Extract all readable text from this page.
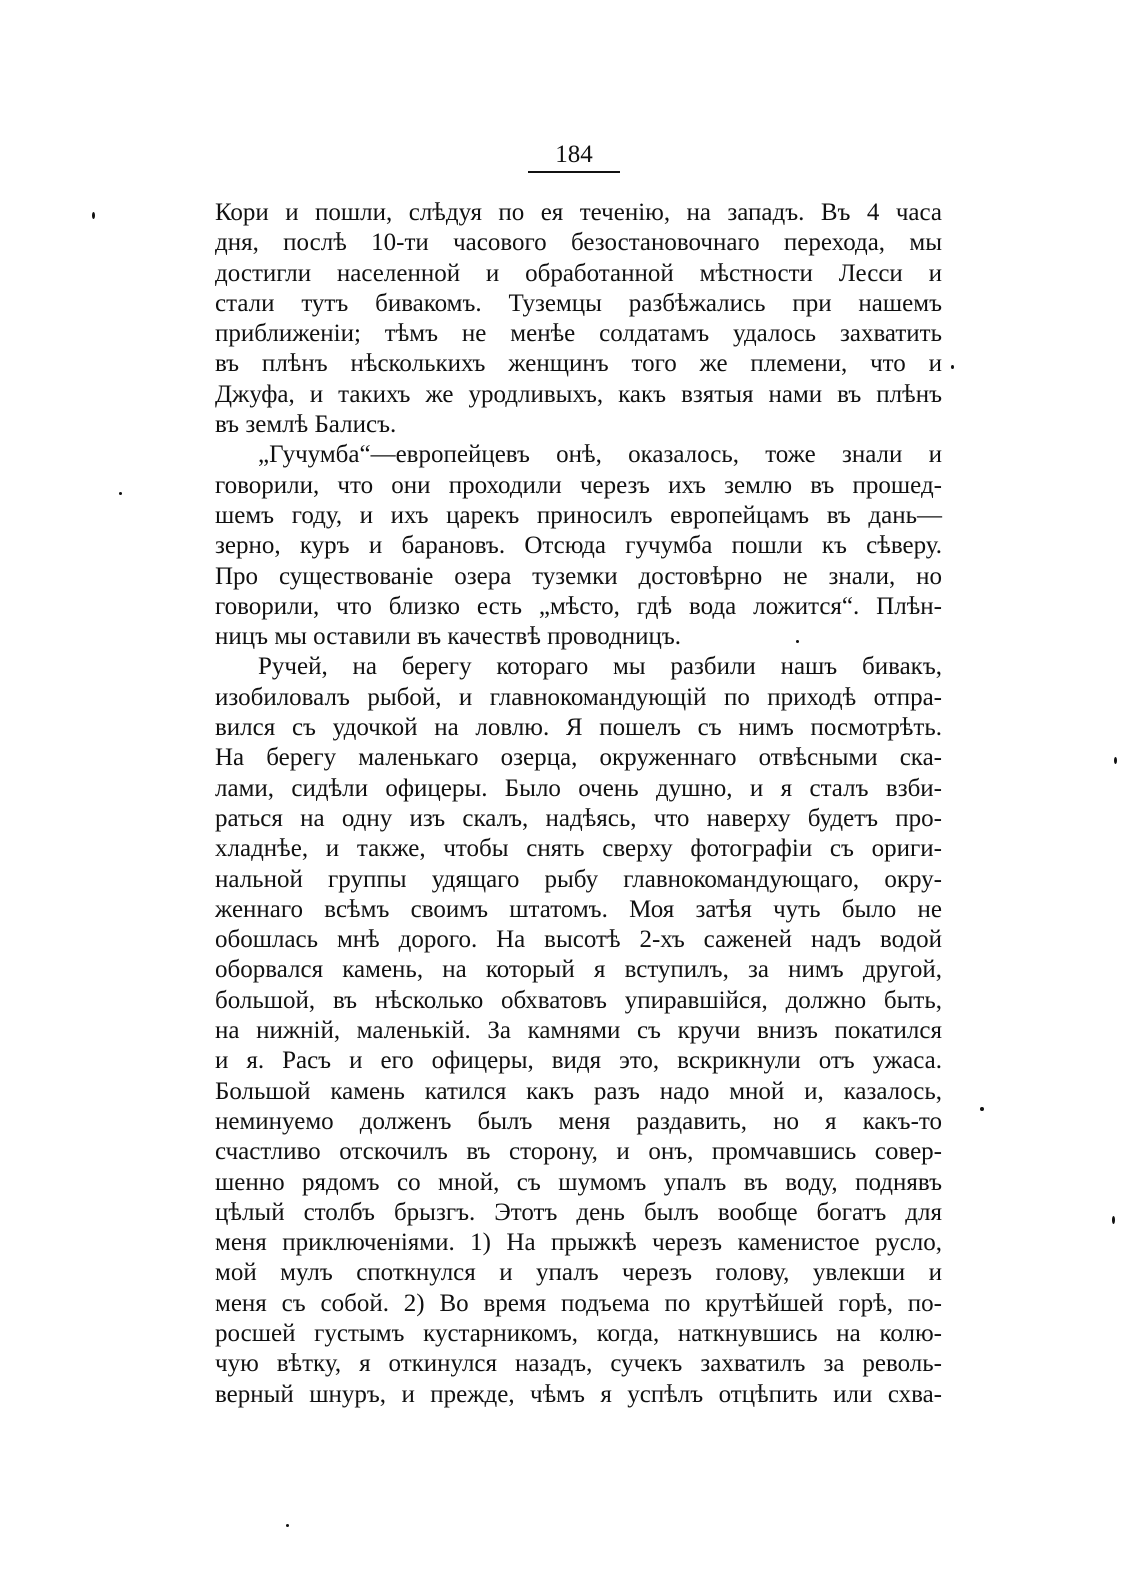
184
Кори и пошли, слѣдуя по ея теченію, на западъ. Въ 4 часа
дня, послѣ 10-ти часового безостановочнаго перехода, мы
достигли населенной и обработанной мѣстности Лесси и
стали тутъ бивакомъ. Туземцы разбѣжались при нашемъ
приближеніи; тѣмъ не менѣе солдатамъ удалось захватить
въ плѣнъ нѣсколькихъ женщинъ того же племени, что и
Джуфа, и такихъ же уродливыхъ, какъ взятыя нами въ плѣнъ
въ землѣ Балисъ.
„Гучумба“—европейцевъ онѣ, оказалось, тоже знали и
говорили, что они проходили черезъ ихъ землю въ прошед-
шемъ году, и ихъ царекъ приносилъ европейцамъ въ дань—
зерно, куръ и барановъ. Отсюда гучумба пошли къ сѣверу.
Про существованіе озера туземки достовѣрно не знали, но
говорили, что близко есть „мѣсто, гдѣ вода ложится“. Плѣн-
ницъ мы оставили въ качествѣ проводницъ.
Ручей, на берегу котораго мы разбили нашъ бивакъ,
изобиловалъ рыбой, и главнокомандующій по приходѣ отпра-
вился съ удочкой на ловлю. Я пошелъ съ нимъ посмотрѣть.
На берегу маленькаго озерца, окруженнаго отвѣсными ска-
лами, сидѣли офицеры. Было очень душно, и я сталъ взби-
раться на одну изъ скалъ, надѣясь, что наверху будетъ про-
хладнѣе, и также, чтобы снять сверху фотографіи съ ориги-
нальной группы удящаго рыбу главнокомандующаго, окру-
женнаго всѣмъ своимъ штатомъ. Моя затѣя чуть было не
обошлась мнѣ дорого. На высотѣ 2-хъ саженей надъ водой
оборвался камень, на который я вступилъ, за нимъ другой,
большой, въ нѣсколько обхватовъ упиравшійся, должно быть,
на нижній, маленькій. За камнями съ кручи внизъ покатился
и я. Расъ и его офицеры, видя это, вскрикнули отъ ужаса.
Большой камень катился какъ разъ надо мной и, казалось,
неминуемо долженъ былъ меня раздавить, но я какъ-то
счастливо отскочилъ въ сторону, и онъ, промчавшись совер-
шенно рядомъ со мной, съ шумомъ упалъ въ воду, поднявъ
цѣлый столбъ брызгъ. Этотъ день былъ вообще богатъ для
меня приключеніями. 1) На прыжкѣ черезъ каменистое русло,
мой мулъ споткнулся и упалъ черезъ голову, увлекши и
меня съ собой. 2) Во время подъема по крутѣйшей горѣ, по-
росшей густымъ кустарникомъ, когда, наткнувшись на колю-
чую вѣтку, я откинулся назадъ, сучекъ захватилъ за револь-
верный шнуръ, и прежде, чѣмъ я успѣлъ отцѣпить или схва-
